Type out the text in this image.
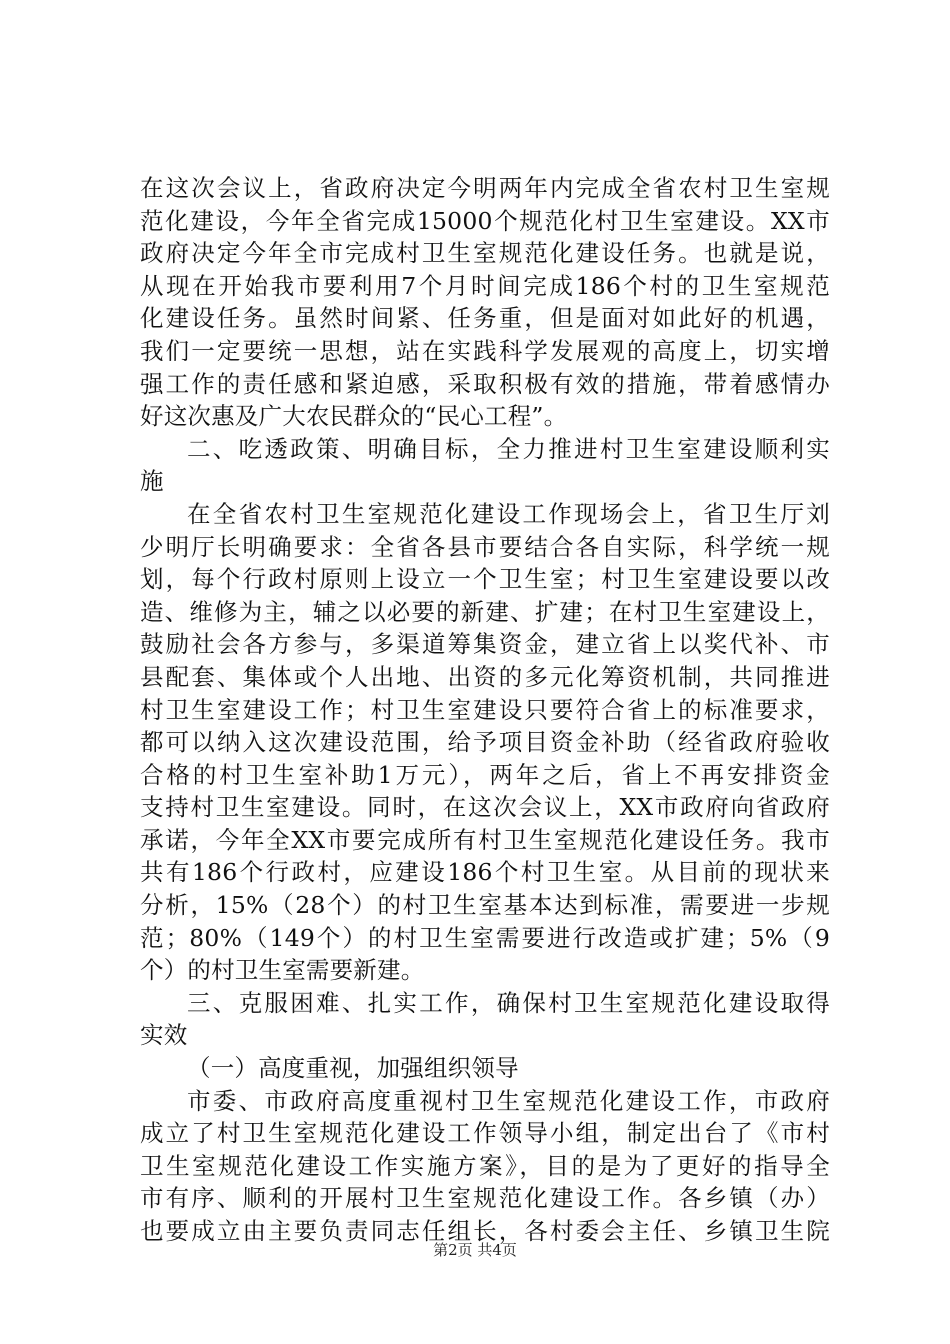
在这次会议上，省政府决定今明两年内完成全省农村卫生室规
范化建设，今年全省完成15000个规范化村卫生室建设。XX市
政府决定今年全市完成村卫生室规范化建设任务。也就是说，
从现在开始我市要利用7个月时间完成186个村的卫生室规范
化建设任务。虽然时间紧、任务重，但是面对如此好的机遇，
我们一定要统一思想，站在实践科学发展观的高度上，切实增
强工作的责任感和紧迫感，采取积极有效的措施，带着感情办
好这次惠及广大农民群众的“民心工程”。
二、吃透政策、明确目标，全力推进村卫生室建设顺利实
施
在全省农村卫生室规范化建设工作现场会上，省卫生厅刘
少明厅长明确要求：全省各县市要结合各自实际，科学统一规
划，每个行政村原则上设立一个卫生室；村卫生室建设要以改
造、维修为主，辅之以必要的新建、扩建；在村卫生室建设上，
鼓励社会各方参与，多渠道筹集资金，建立省上以奖代补、市
县配套、集体或个人出地、出资的多元化筹资机制，共同推进
村卫生室建设工作；村卫生室建设只要符合省上的标准要求，
都可以纳入这次建设范围，给予项目资金补助（经省政府验收
合格的村卫生室补助1万元），两年之后，省上不再安排资金
支持村卫生室建设。同时，在这次会议上，XX市政府向省政府
承诺，今年全XX市要完成所有村卫生室规范化建设任务。我市
共有186个行政村，应建设186个村卫生室。从目前的现状来
分析，15%（28个）的村卫生室基本达到标准，需要进一步规
范；80%（149个）的村卫生室需要进行改造或扩建；5%（9
个）的村卫生室需要新建。
三、克服困难、扎实工作，确保村卫生室规范化建设取得
实效
（一）高度重视，加强组织领导
市委、市政府高度重视村卫生室规范化建设工作，市政府
成立了村卫生室规范化建设工作领导小组，制定出台了《市村
卫生室规范化建设工作实施方案》，目的是为了更好的指导全
市有序、顺利的开展村卫生室规范化建设工作。各乡镇（办）
也要成立由主要负责同志任组长，各村委会主任、乡镇卫生院
第2页 共4页
